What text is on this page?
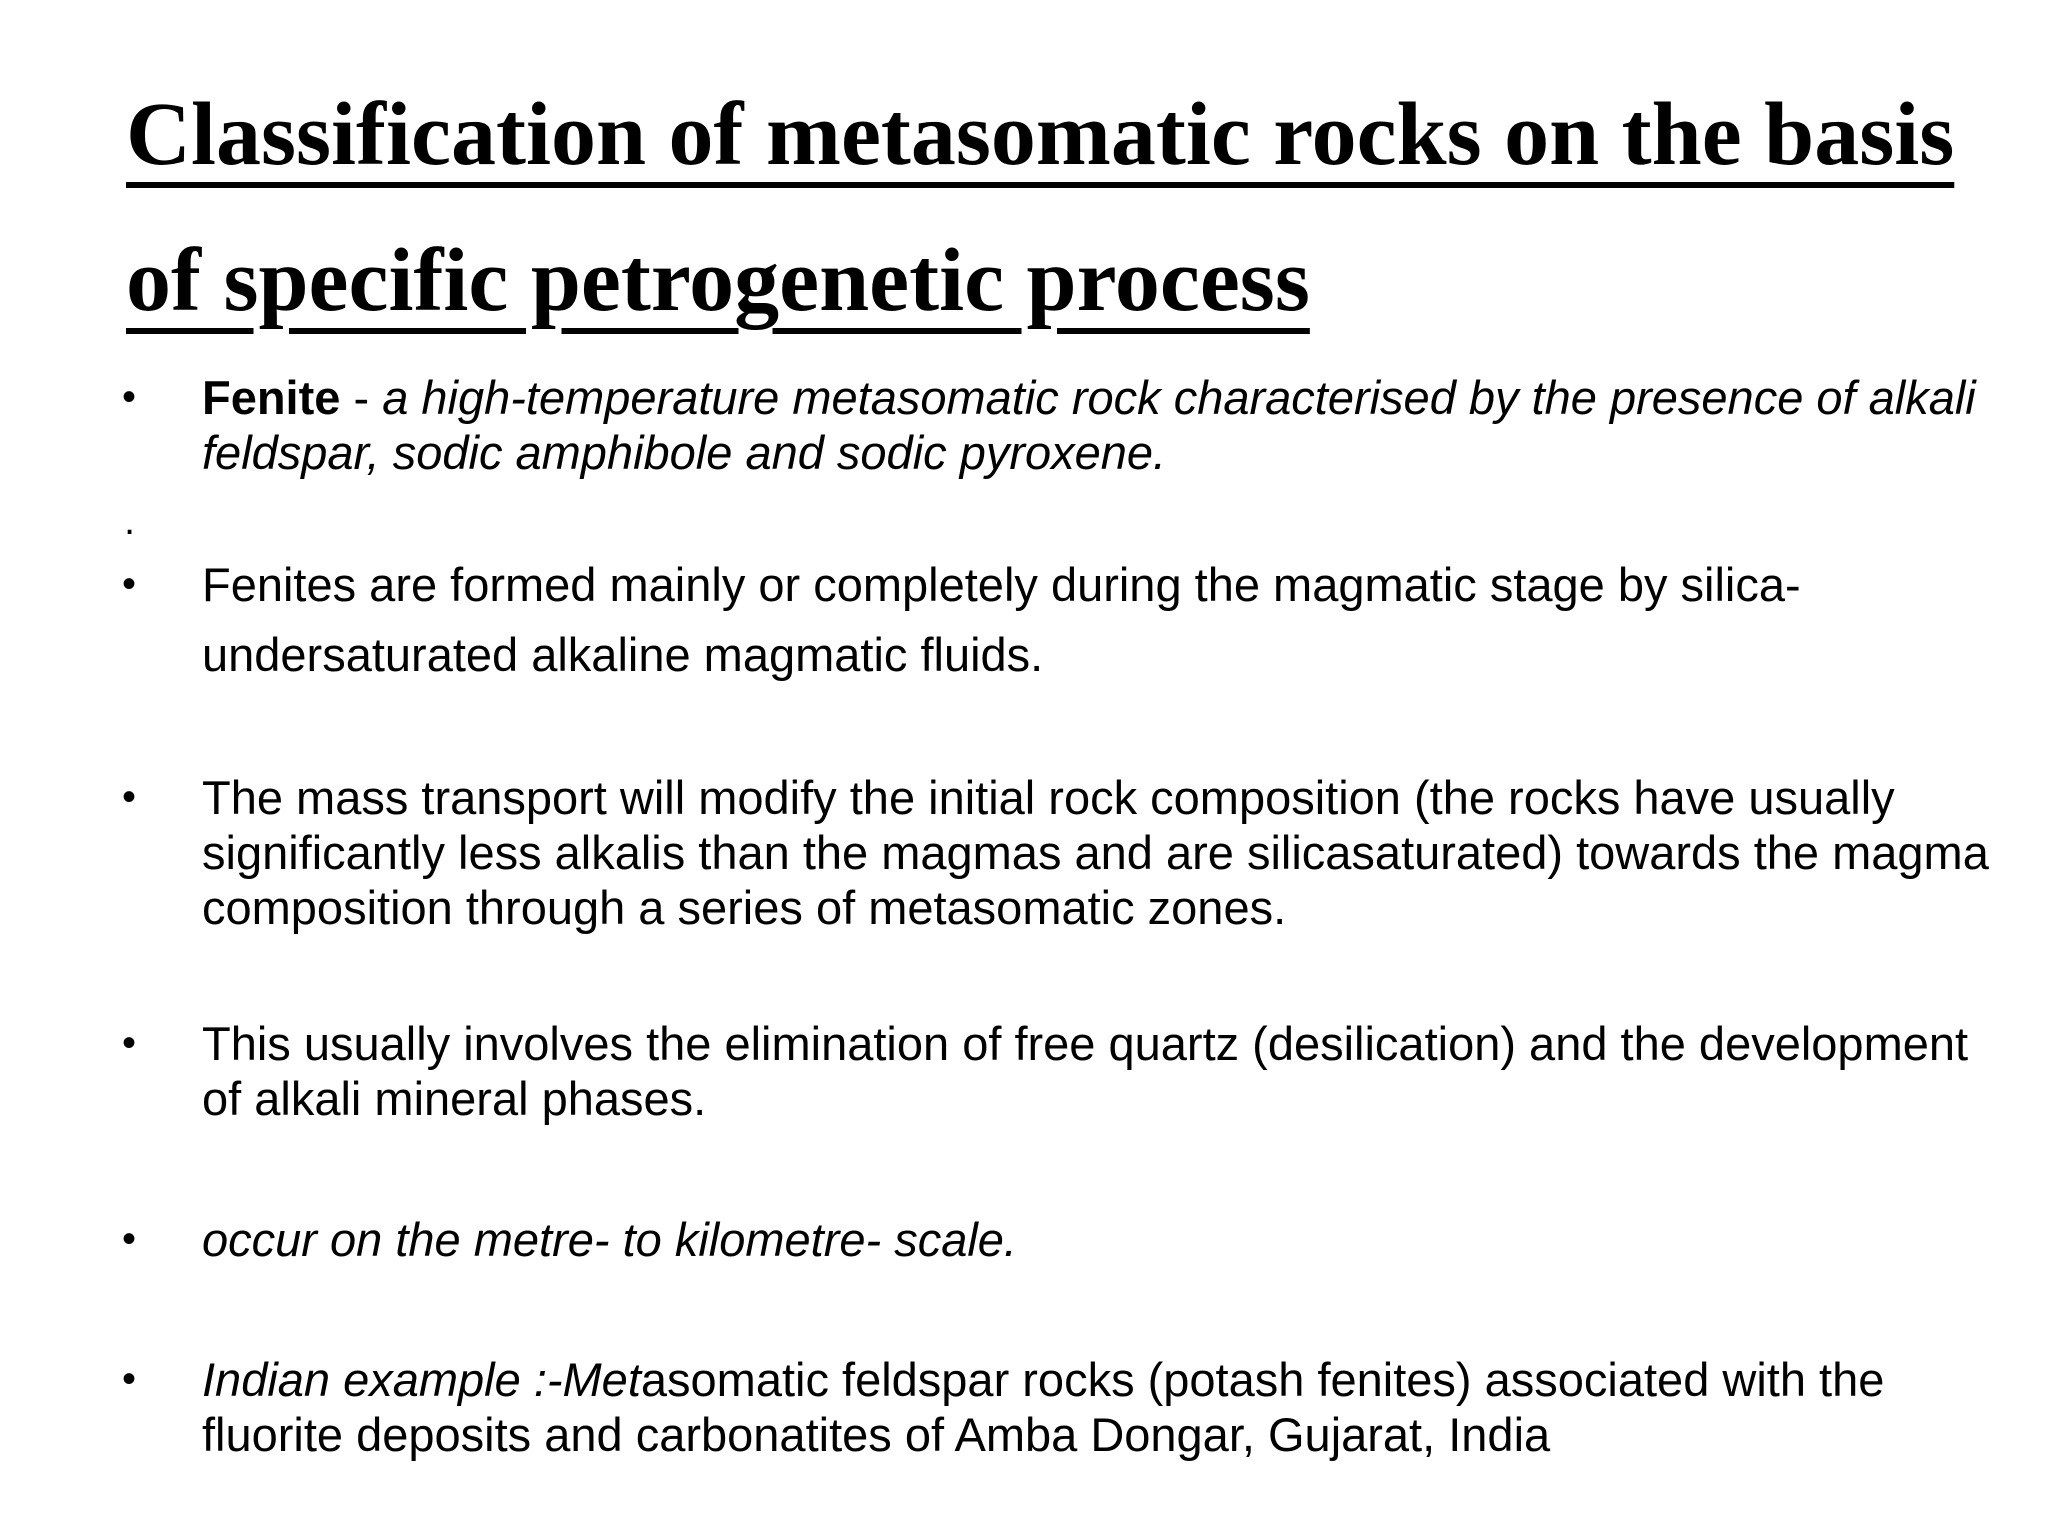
Classification of metasomatic rocks on the basis of specific petrogenetic process
• Fenite - a high-temperature metasomatic rock characterised by the presence of alkali feldspar, sodic amphibole and sodic pyroxene.
• Fenites are formed mainly or completely during the magmatic stage by silica-undersaturated alkaline magmatic fluids.
• The mass transport will modify the initial rock composition (the rocks have usually significantly less alkalis than the magmas and are silicasaturated) towards the magma composition through a series of metasomatic zones.
• This usually involves the elimination of free quartz (desilication) and the development of alkali mineral phases.
• occur on the metre- to kilometre- scale.
• Indian example :-Metasomatic feldspar rocks (potash fenites) associated with the fluorite deposits and carbonatites of Amba Dongar, Gujarat, India
.
